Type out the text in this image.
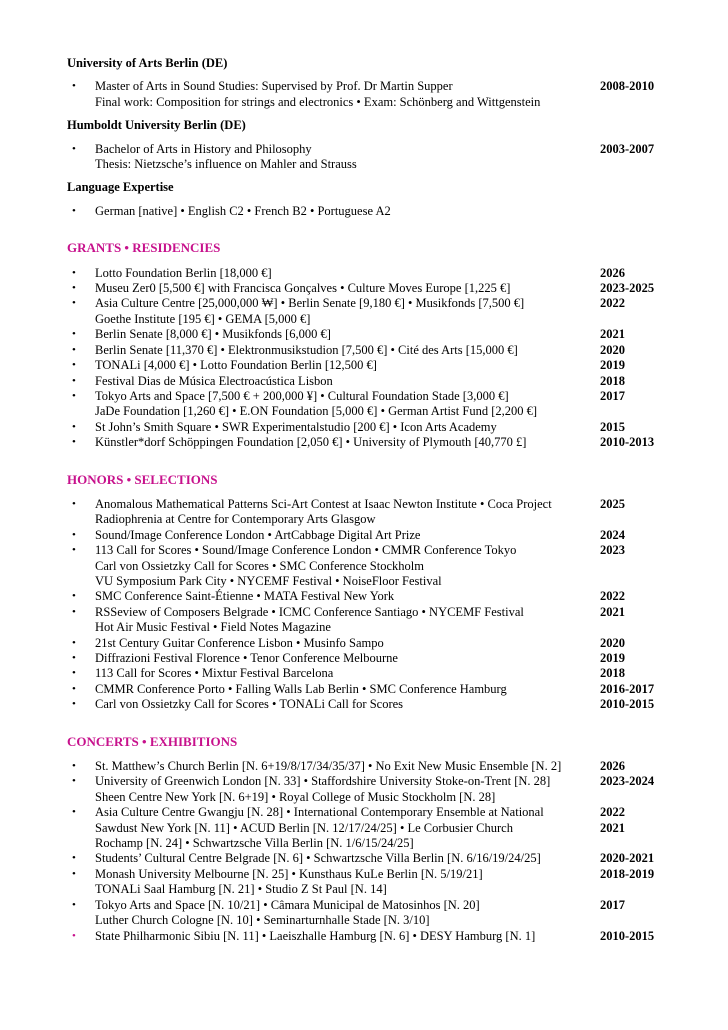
University of Arts Berlin (DE)
•	Master of Arts in Sound Studies: Supervised by Prof. Dr Martin Supper	2008-2010
Final work: Composition for strings and electronics • Exam: Schönberg and Wittgenstein
Humboldt University Berlin (DE)
•	Bachelor of Arts in History and Philosophy	2003-2007
Thesis: Nietzsche’s influence on Mahler and Strauss
Language Expertise
•	German [native] • English C2 • French B2 • Portuguese A2
GRANTS • RESIDENCIES
•	Lotto Foundation Berlin [18,000 €]	2026
•	Museu Zer0 [5,500 €] with Francisca Gonçalves • Culture Moves Europe [1,225 €]	2023-2025
•	Asia Culture Centre [25,000,000 ₩] • Berlin Senate [9,180 €] • Musikfonds [7,500 €]	2022
Goethe Institute [195 €] • GEMA [5,000 €]
•	Berlin Senate [8,000 €] • Musikfonds [6,000 €]	2021
•	Berlin Senate [11,370 €] • Elektronmusikstudion [7,500 €] • Cité des Arts [15,000 €]	2020
•	TONALi [4,000 €] • Lotto Foundation Berlin [12,500 €]	2019
•	Festival Dias de Música Electroacústica Lisbon	2018
•	Tokyo Arts and Space [7,500 € + 200,000 ¥] • Cultural Foundation Stade [3,000 €]	2017
JaDe Foundation [1,260 €] • E.ON Foundation [5,000 €] • German Artist Fund [2,200 €]
•	St John’s Smith Square • SWR Experimentalstudio [200 €] • Icon Arts Academy	2015
•	Künstler*dorf Schöppingen Foundation [2,050 €] • University of Plymouth [40,770 £]	2010-2013
HONORS • SELECTIONS
•	Anomalous Mathematical Patterns Sci-Art Contest at Isaac Newton Institute • Coca Project	2025
Radiophrenia at Centre for Contemporary Arts Glasgow
•	Sound/Image Conference London • ArtCabbage Digital Art Prize	2024
•	113 Call for Scores • Sound/Image Conference London • CMMR Conference Tokyo	2023
Carl von Ossietzky Call for Scores • SMC Conference Stockholm
VU Symposium Park City • NYCEMF Festival • NoiseFloor Festival
•	SMC Conference Saint-Étienne • MATA Festival New York	2022
•	RSSeview of Composers Belgrade • ICMC Conference Santiago • NYCEMF Festival	2021
Hot Air Music Festival • Field Notes Magazine
•	21st Century Guitar Conference Lisbon • Musinfo Sampo	2020
•	Diffrazioni Festival Florence • Tenor Conference Melbourne	2019
•	113 Call for Scores • Mixtur Festival Barcelona	2018
•	CMMR Conference Porto • Falling Walls Lab Berlin • SMC Conference Hamburg	2016-2017
•	Carl von Ossietzky Call for Scores • TONALi Call for Scores	2010-2015
CONCERTS • EXHIBITIONS
•	St. Matthew’s Church Berlin [N. 6+19/8/17/34/35/37] • No Exit New Music Ensemble [N. 2]	2026
•	University of Greenwich London [N. 33] • Staffordshire University Stoke-on-Trent [N. 28]	2023-2024
Sheen Centre New York [N. 6+19] • Royal College of Music Stockholm [N. 28]
•	Asia Culture Centre Gwangju [N. 28] • International Contemporary Ensemble at National	2022
Sawdust New York [N. 11] • ACUD Berlin [N. 12/17/24/25] • Le Corbusier Church	2021
Rochamp [N. 24] • Schwartzsche Villa Berlin [N. 1/6/15/24/25]
•	Students’ Cultural Centre Belgrade [N. 6] • Schwartzsche Villa Berlin [N. 6/16/19/24/25]	2020-2021
•	Monash University Melbourne [N. 25] • Kunsthaus KuLe Berlin [N. 5/19/21]	2018-2019
TONALi Saal Hamburg [N. 21] • Studio Z St Paul [N. 14]
•	Tokyo Arts and Space [N. 10/21] • Câmara Municipal de Matosinhos [N. 20]	2017
Luther Church Cologne [N. 10] • Seminarturnhalle Stade [N. 3/10]
•	State Philharmonic Sibiu [N. 11] • Laeiszhalle Hamburg [N. 6] • DESY Hamburg [N. 1]	2010-2015
